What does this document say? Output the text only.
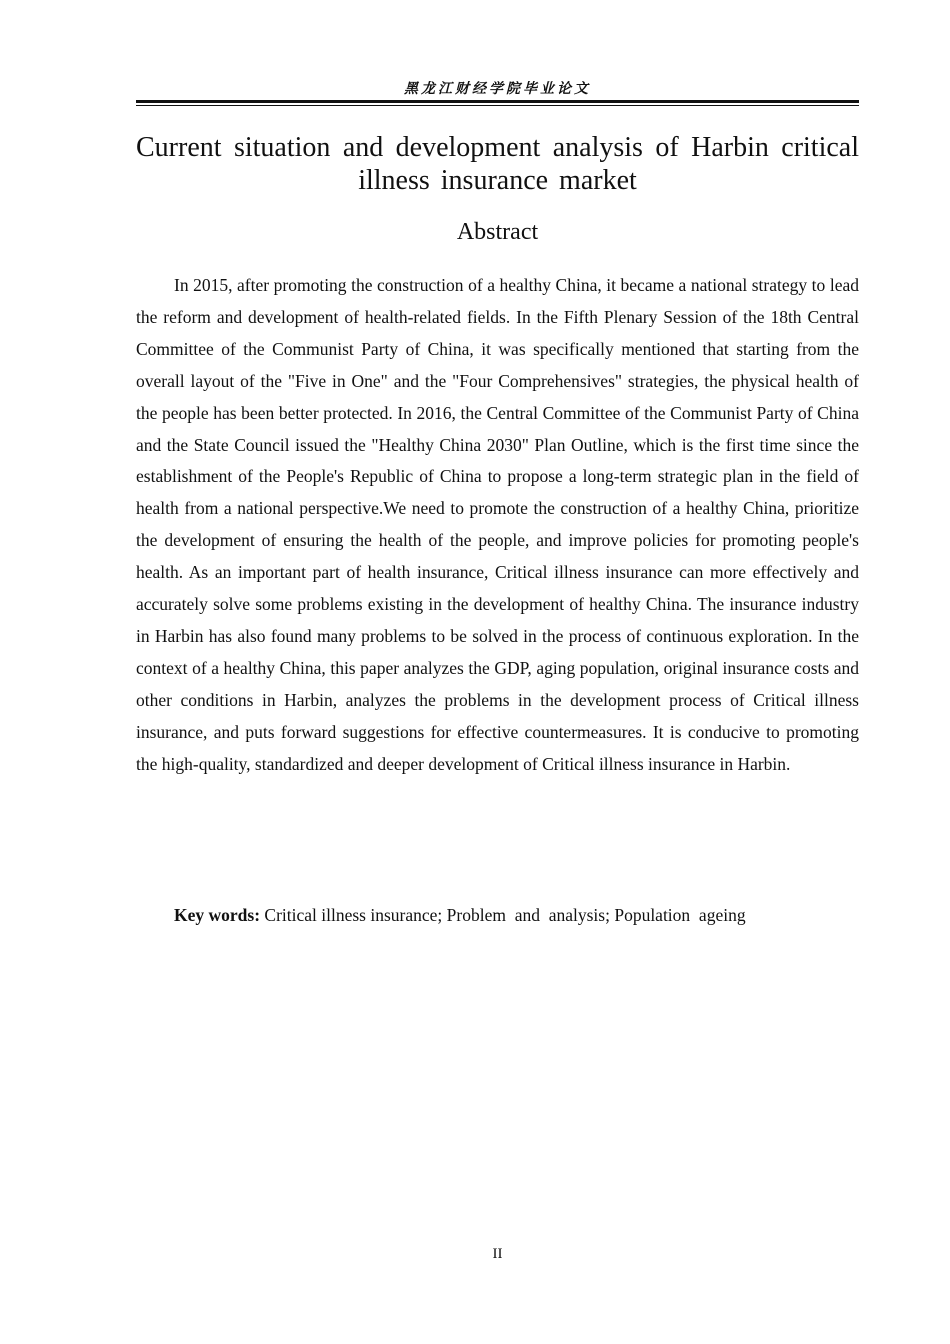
黑龙江财经学院毕业论文
Current situation and development analysis of Harbin critical illness insurance market
Abstract

In 2015, after promoting the construction of a healthy China, it became a national strategy to lead the reform and development of health-related fields. In the Fifth Plenary Session of the 18th Central Committee of the Communist Party of China, it was specifically mentioned that starting from the overall layout of the "Five in One" and the "Four Comprehensives" strategies, the physical health of the people has been better protected. In 2016, the Central Committee of the Communist Party of China and the State Council issued the "Healthy China 2030" Plan Outline, which is the first time since the establishment of the People's Republic of China to propose a long-term strategic plan in the field of health from a national perspective.We need to promote the construction of a healthy China, prioritize the development of ensuring the health of the people, and improve policies for promoting people's health. As an important part of health insurance, Critical illness insurance can more effectively and accurately solve some problems existing in the development of healthy China. The insurance industry in Harbin has also found many problems to be solved in the process of continuous exploration. In the context of a healthy China, this paper analyzes the GDP, aging population, original insurance costs and other conditions in Harbin, analyzes the problems in the development process of Critical illness insurance, and puts forward suggestions for effective countermeasures. It is conducive to promoting the high-quality, standardized and deeper development of Critical illness insurance in Harbin.

Key words: Critical illness insurance; Problem  and  analysis; Population  ageing
II
